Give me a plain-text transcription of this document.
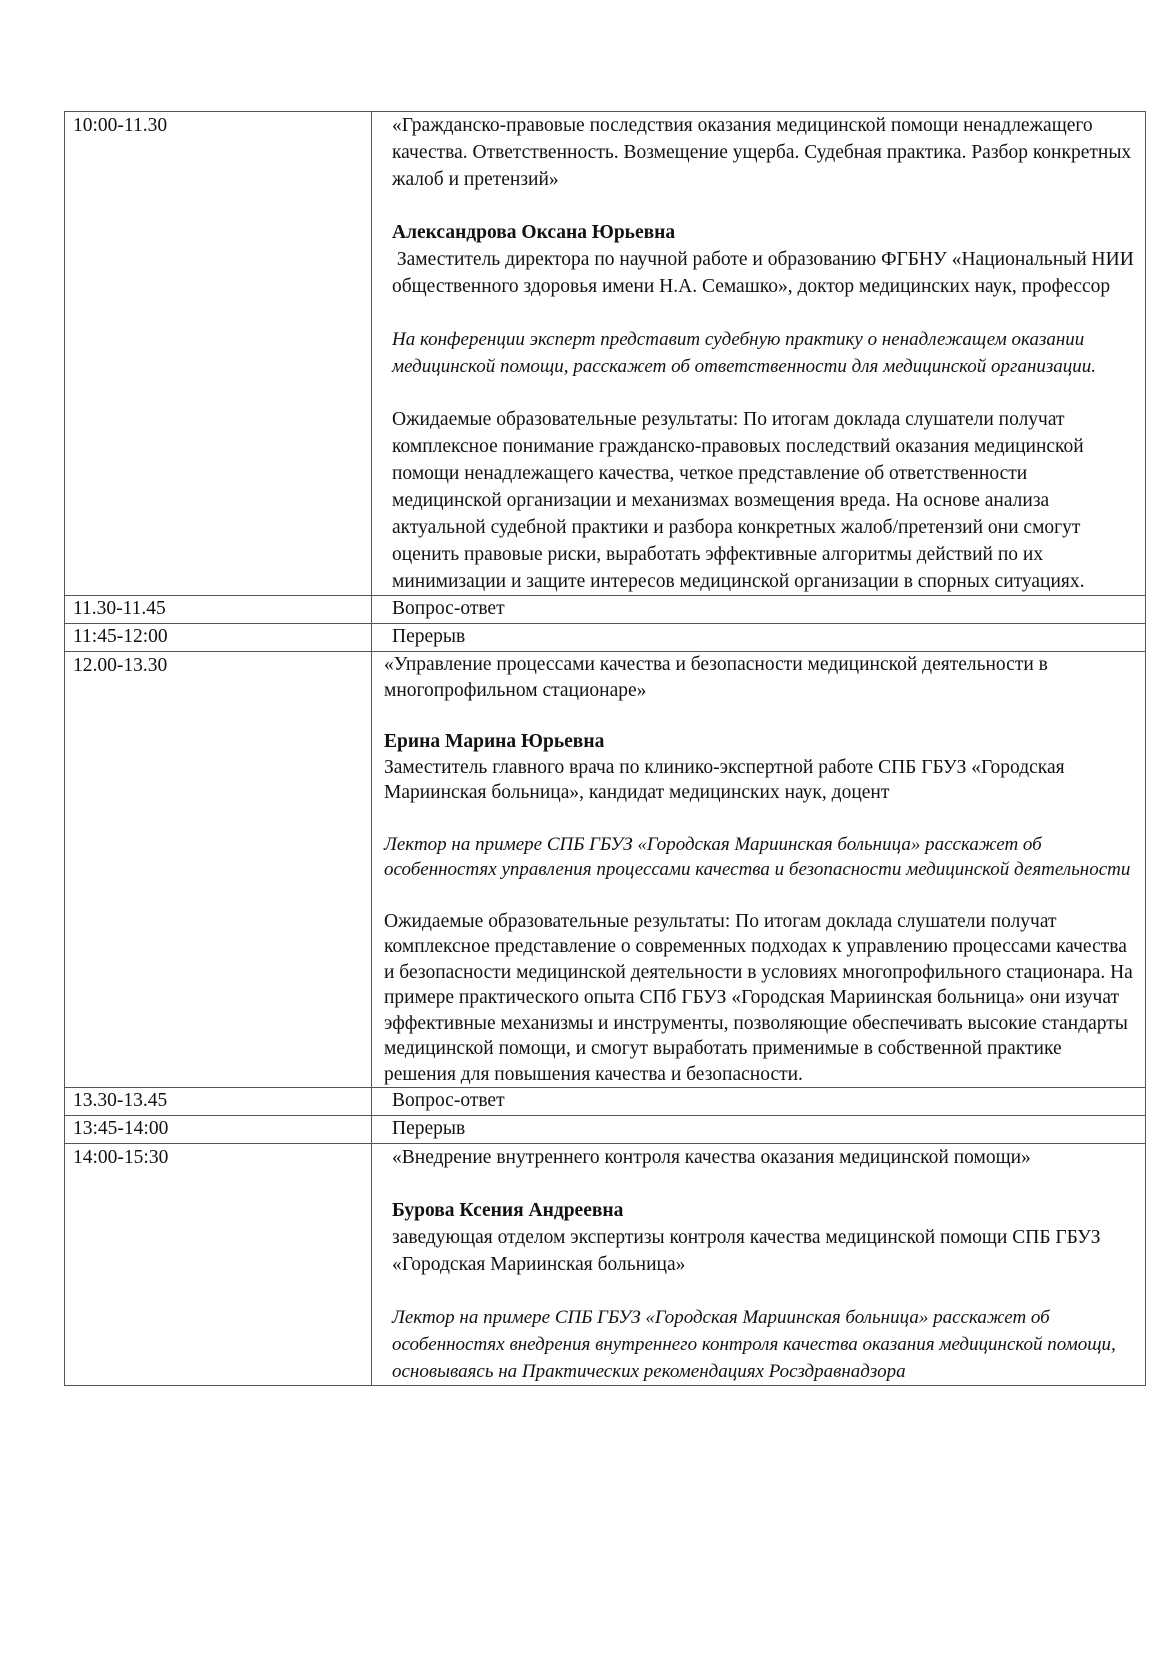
10:00-11.30	«Гражданско-правовые последствия оказания медицинской помощи ненадлежащего качества. Ответственность. Возмещение ущерба. Судебная практика. Разбор конкретных жалоб и претензий»
Александрова Оксана Юрьевна
Заместитель директора по научной работе и образованию ФГБНУ «Национальный НИИ общественного здоровья имени Н.А. Семашко», доктор медицинских наук, профессор
На конференции эксперт представит судебную практику о ненадлежащем оказании медицинской помощи, расскажет об ответственности для медицинской организации.
Ожидаемые образовательные результаты: По итогам доклада слушатели получат комплексное понимание гражданско-правовых последствий оказания медицинской помощи ненадлежащего качества, четкое представление об ответственности медицинской организации и механизмах возмещения вреда. На основе анализа актуальной судебной практики и разбора конкретных жалоб/претензий они смогут оценить правовые риски, выработать эффективные алгоритмы действий по их минимизации и защите интересов медицинской организации в спорных ситуациях.

11.30-11.45	Вопрос-ответ
11:45-12:00	Перерыв
12.00-13.30	«Управление процессами качества и безопасности медицинской деятельности в многопрофильном стационаре»
Ерина Марина Юрьевна
Заместитель главного врача по клинико-экспертной работе СПБ ГБУЗ «Городская Мариинская больница», кандидат медицинских наук, доцент
Лектор на примере СПБ ГБУЗ «Городская Мариинская больница» расскажет об особенностях управления процессами качества и безопасности медицинской деятельности
Ожидаемые образовательные результаты: По итогам доклада слушатели получат комплексное представление о современных подходах к управлению процессами качества и безопасности медицинской деятельности в условиях многопрофильного стационара. На примере практического опыта СПб ГБУЗ «Городская Мариинская больница» они изучат эффективные механизмы и инструменты, позволяющие обеспечивать высокие стандарты медицинской помощи, и смогут выработать применимые в собственной практике решения для повышения качества и безопасности.

13.30-13.45	Вопрос-ответ
13:45-14:00	Перерыв
14:00-15:30	«Внедрение внутреннего контроля качества оказания медицинской помощи»
Бурова Ксения Андреевна
заведующая отделом экспертизы контроля качества медицинской помощи СПБ ГБУЗ «Городская Мариинская больница»
Лектор на примере СПБ ГБУЗ «Городская Мариинская больница» расскажет об особенностях внедрения внутреннего контроля качества оказания медицинской помощи, основываясь на Практических рекомендациях Росздравнадзора
